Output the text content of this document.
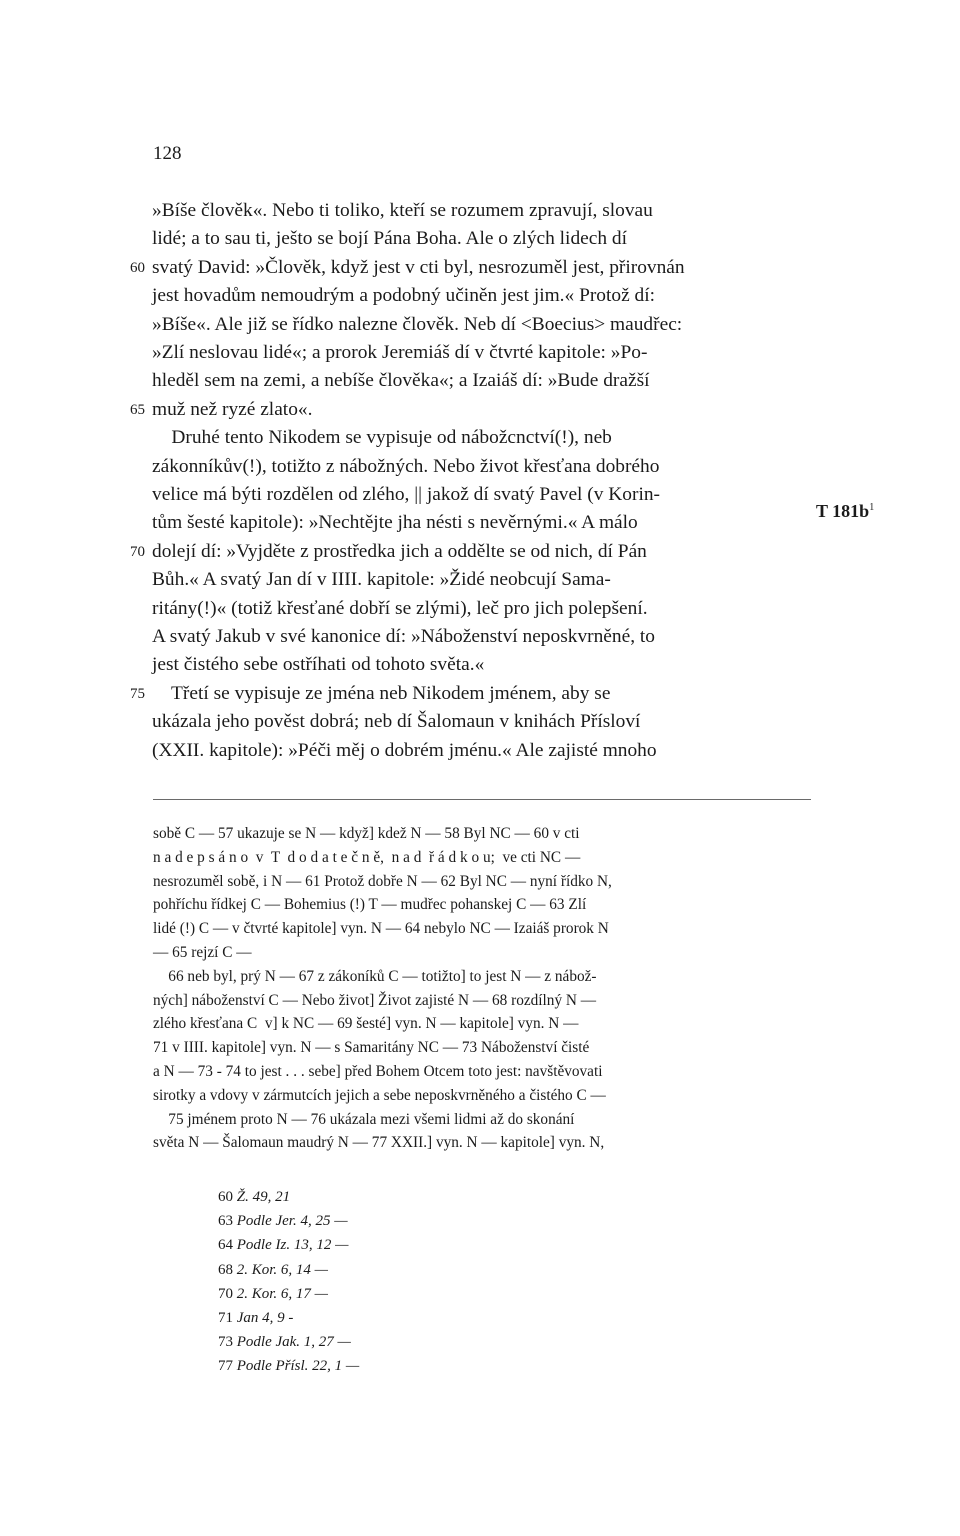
128
»Bíše člověk«. Nebo ti toliko, kteří se rozumem zpravují, slovau
lidé; a to sau ti, ješto se bojí Pána Boha. Ale o zlých lidech dí
60 svatý David: »Člověk, když jest v cti byl, nesrozuměl jest, přirovnán
jest hovadům nemoudrým a podobný učiněn jest jim.« Protož dí:
»Bíše«. Ale již se řídko nalezne člověk. Neb dí <Boecius> maudřec:
»Zlí neslovau lidé«; a prorok Jeremiáš dí v čtvrté kapitole: »Po-
hleděl sem na zemi, a nebíše člověka«; a Izaiáš dí: »Bude dražší
65 muž než ryzé zlato«.
Druhé tento Nikodem se vypisuje od nábožcnctví(!), neb
zákonníkův(!), totižto z nábožných. Nebo život křesťana dobrého
velice má býti rozdělen od zlého, || jakož dí svatý Pavel (v Korin-
tům šesté kapitole): »Nechtějte jha nésti s nevěrnými.« A málo
70 dolejí dí: »Vyjděte z prostředka jich a oddělte se od nich, dí Pán
Bůh.« A svatý Jan dí v IIII. kapitole: »Židé neobcují Sama-
ritány(!)« (totiž křesťané dobří se zlými), leč pro jich polepšení.
A svatý Jakub v své kanonice dí: »Náboženství neposkvrněné, to
jest čistého sebe ostříhati od tohoto světa.«
75 Třetí se vypisuje ze jména neb Nikodem jménem, aby se
ukázala jeho pověst dobrá; neb dí Šalomaun v knihách Přísloví
(XXII. kapitole): »Péči měj o dobrém jménu.« Ale zajisté mnoho
T $181b^1$
sobě C — 57 ukazuje se N — když] kdež N — 58 Byl NC — 60 v cti
n a d e p s á n o  v  T  d o d a t e č n ě,  n a d  ř á d k o u;  ve cti NC —
nesrozuměl sobě, i N — 61 Protož dobře N — 62 Byl NC — nyní řídko N,
pohříchu řídkej C — Bohemius (!) T — mudřec pohanskej C — 63 Zlí
lidé (!) C — v čtvrté kapitole] vyn. N — 64 nebylo NC — Izaiáš prorok N
— 65 rejzí C —
66 neb byl, prý N — 67 z zákoníků C — totižto] to jest N — z nábož-
ných] náboženství C — Nebo život] Život zajisté N — 68 rozdílný N —
zlého křesťana C  v] k NC — 69 šesté] vyn. N — kapitole] vyn. N —
71 v IIII. kapitole] vyn. N — s Samaritány NC — 73 Náboženství čisté
a N — 73 - 74 to jest . . . sebe] před Bohem Otcem toto jest: navštěvovati
sirotky a vdovy v zármutcích jejich a sebe neposkvrněného a čistého C —
75 jménem proto N — 76 ukázala mezi všemi lidmi až do skonání
světa N — Šalomaun maudrý N — 77 XXII.] vyn. N — kapitole] vyn. N,
60 Ž. 49, 21
63 Podle Jer. 4, 25 —
64 Podle Iz. 13, 12 —
68 2. Kor. 6, 14 —
70 2. Kor. 6, 17 —
71 Jan 4, 9 -
73 Podle Jak. 1, 27 —
77 Podle Přísl. 22, 1 —
